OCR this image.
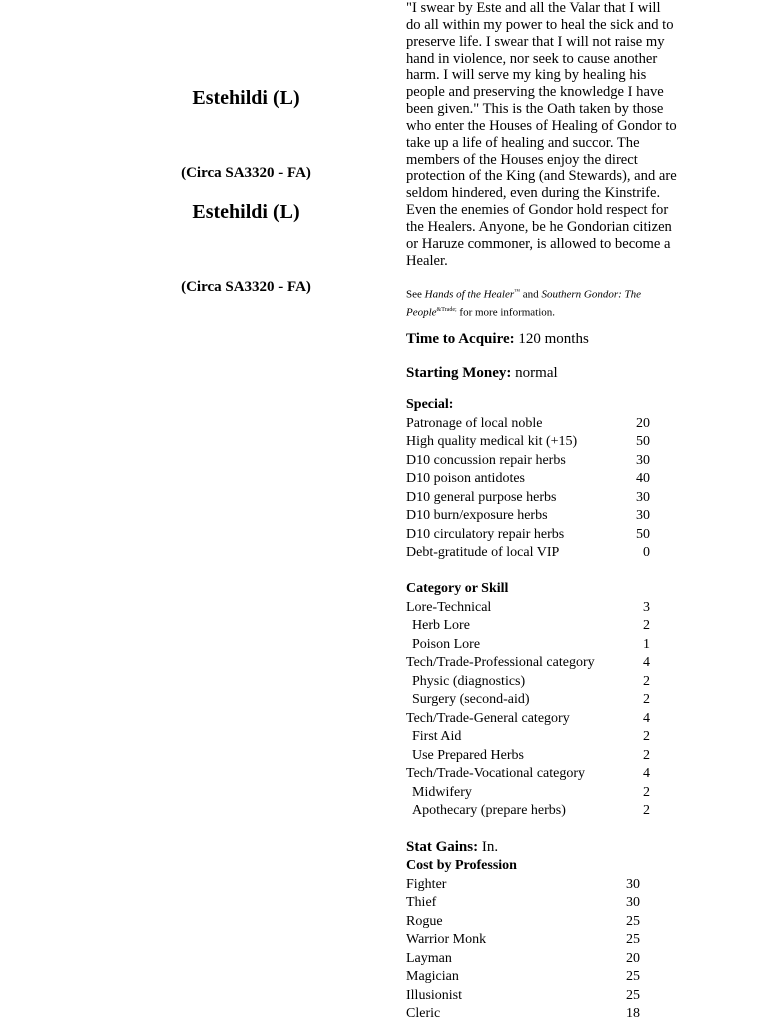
Estehildi (L)
(Circa SA3320 - FA)
Estehildi (L)
(Circa SA3320 - FA)

"I swear by Este and all the Valar that I will do all within my power to heal the sick and to preserve life. I swear that I will not raise my hand in violence, nor seek to cause another harm. I will serve my king by healing his people and preserving the knowledge I have been given." This is the Oath taken by those who enter the Houses of Healing of Gondor to take up a life of healing and succor. The members of the Houses enjoy the direct protection of the King (and Stewards), and are seldom hindered, even during the Kinstrife. Even the enemies of Gondor hold respect for the Healers. Anyone, be he Gondorian citizen or Haruze commoner, is allowed to become a Healer.

See Hands of the Healer™ and Southern Gondor: The People$^{\&Trade;}$ for more information.
Time to Acquire: 120 months
Starting Money: normal
Special:
Patronage of local noble	20
High quality medical kit (+15)	50
D10 concussion repair herbs	30
D10 poison antidotes	40
D10 general purpose herbs	30
D10 burn/exposure herbs	30
D10 circulatory repair herbs	50
Debt-gratitude of local VIP	0
Category or Skill
Lore-Technical	3
Herb Lore	2
Poison Lore	1
Tech/Trade-Professional category	4
Physic (diagnostics)	2
Surgery (second-aid)	2
Tech/Trade-General category	4
First Aid	2
Use Prepared Herbs	2
Tech/Trade-Vocational category	4
Midwifery	2
Apothecary (prepare herbs)	2
Stat Gains: In.
Cost by Profession
Fighter	30
Thief	30
Rogue	25
Warrior Monk	25
Layman	20
Magician	25
Illusionist	25
Cleric	18
